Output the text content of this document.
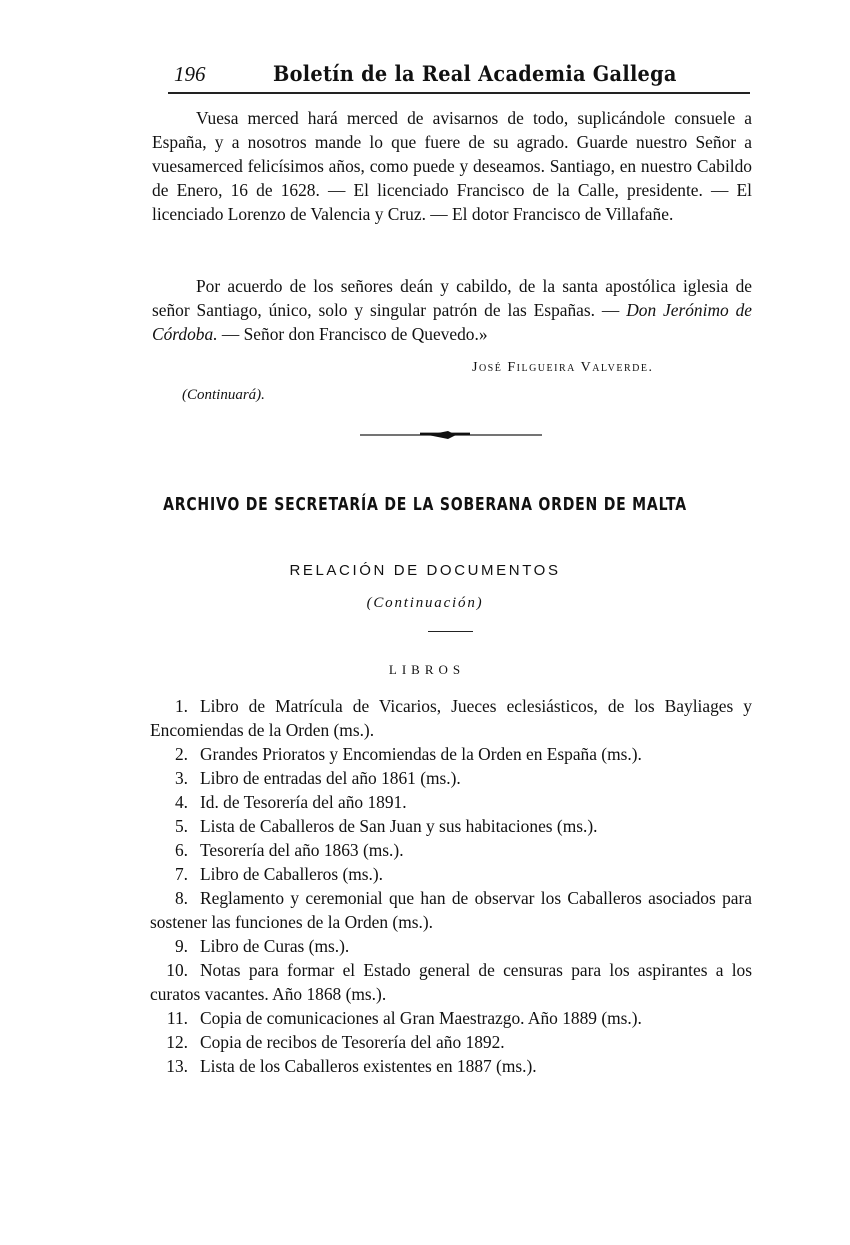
196	Boletín de la Real Academia Gallega

Vuesa merced hará merced de avisarnos de todo, suplicándole consuele a España, y a nosotros mande lo que fuere de su agrado. Guarde nuestro Señor a vuesamerced felicísimos años, como puede y deseamos. Santiago, en nuestro Cabildo de Enero, 16 de 1628. — El licenciado Francisco de la Calle, presidente. — El licenciado Lorenzo de Valencia y Cruz. — El dotor Francisco de Villafañe.

Por acuerdo de los señores deán y cabildo, de la santa apostólica iglesia de señor Santiago, único, solo y singular patrón de las Españas. — Don Jerónimo de Córdoba. — Señor don Francisco de Quevedo.»

José Filgueira Valverde.
(Continuará).
ARCHIVO DE SECRETARÍA DE LA SOBERANA ORDEN DE MALTA
RELACIÓN DE DOCUMENTOS
(Continuación)
LIBROS

1. Libro de Matrícula de Vicarios, Jueces eclesiásticos, de los Bayliages y Encomiendas de la Orden (ms.).

2. Grandes Prioratos y Encomiendas de la Orden en España (ms.).

3. Libro de entradas del año 1861 (ms.).

4. Id. de Tesorería del año 1891.

5. Lista de Caballeros de San Juan y sus habitaciones (ms.).

6. Tesorería del año 1863 (ms.).

7. Libro de Caballeros (ms.).

8. Reglamento y ceremonial que han de observar los Caballeros asociados para sostener las funciones de la Orden (ms.).

9. Libro de Curas (ms.).

10. Notas para formar el Estado general de censuras para los aspirantes a los curatos vacantes. Año 1868 (ms.).

11. Copia de comunicaciones al Gran Maestrazgo. Año 1889 (ms.).

12. Copia de recibos de Tesorería del año 1892.

13. Lista de los Caballeros existentes en 1887 (ms.).
